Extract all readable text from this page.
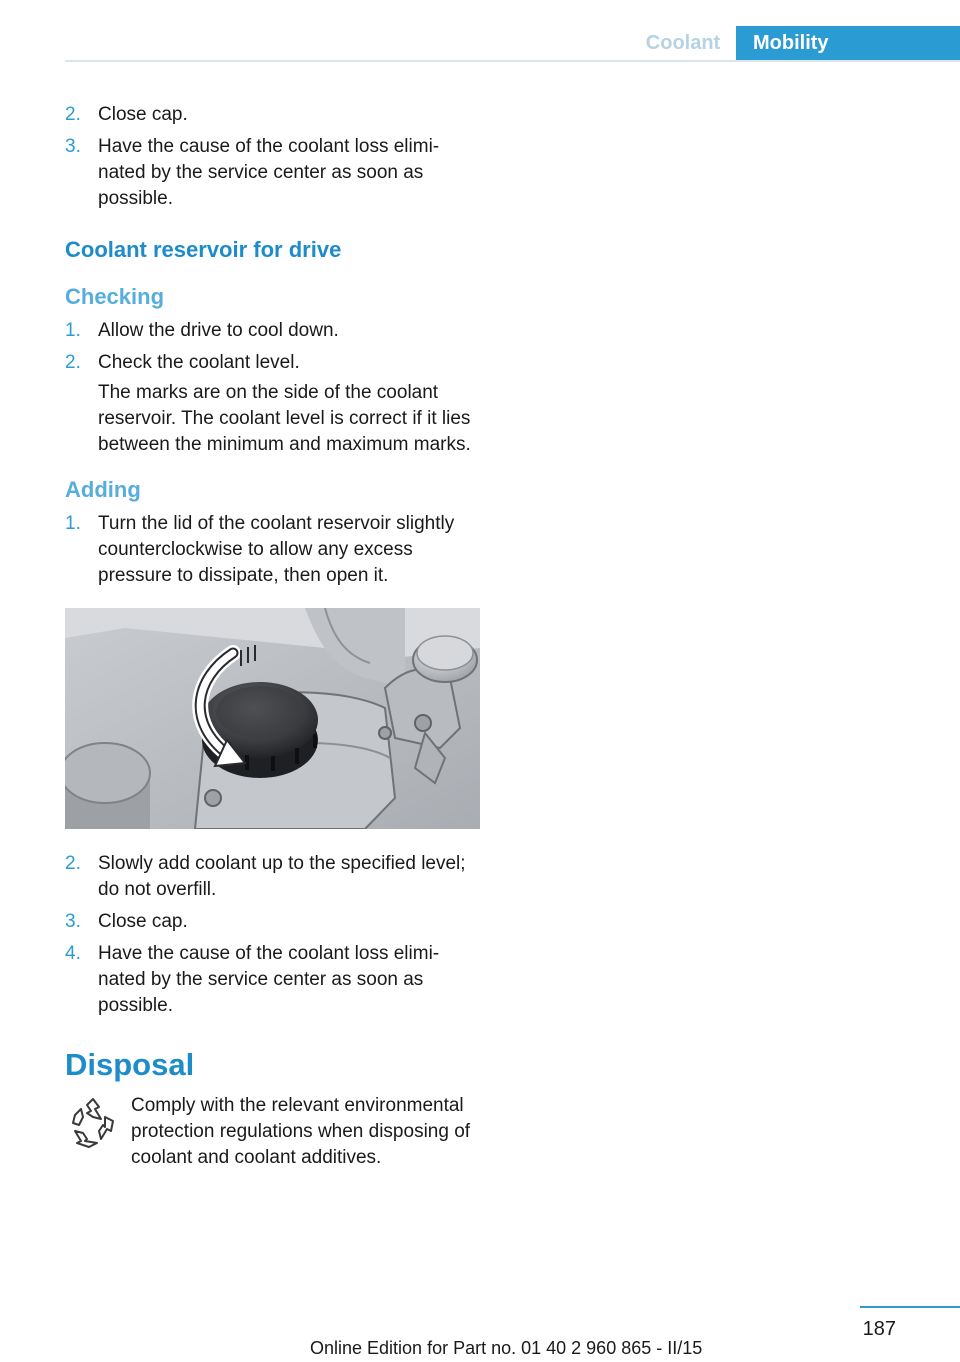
Coolant	Mobility
2. Close cap.
3. Have the cause of the coolant loss eliminated by the service center as soon as possible.
Coolant reservoir for drive
Checking
1. Allow the drive to cool down.
2. Check the coolant level.
The marks are on the side of the coolant reservoir. The coolant level is correct if it lies between the minimum and maximum marks.
Adding
1. Turn the lid of the coolant reservoir slightly counterclockwise to allow any excess pressure to dissipate, then open it.
2. Slowly add coolant up to the specified level; do not overfill.
3. Close cap.
4. Have the cause of the coolant loss eliminated by the service center as soon as possible.
Disposal
Comply with the relevant environmental protection regulations when disposing of coolant and coolant additives.
187
Online Edition for Part no. 01 40 2 960 865 - II/15
